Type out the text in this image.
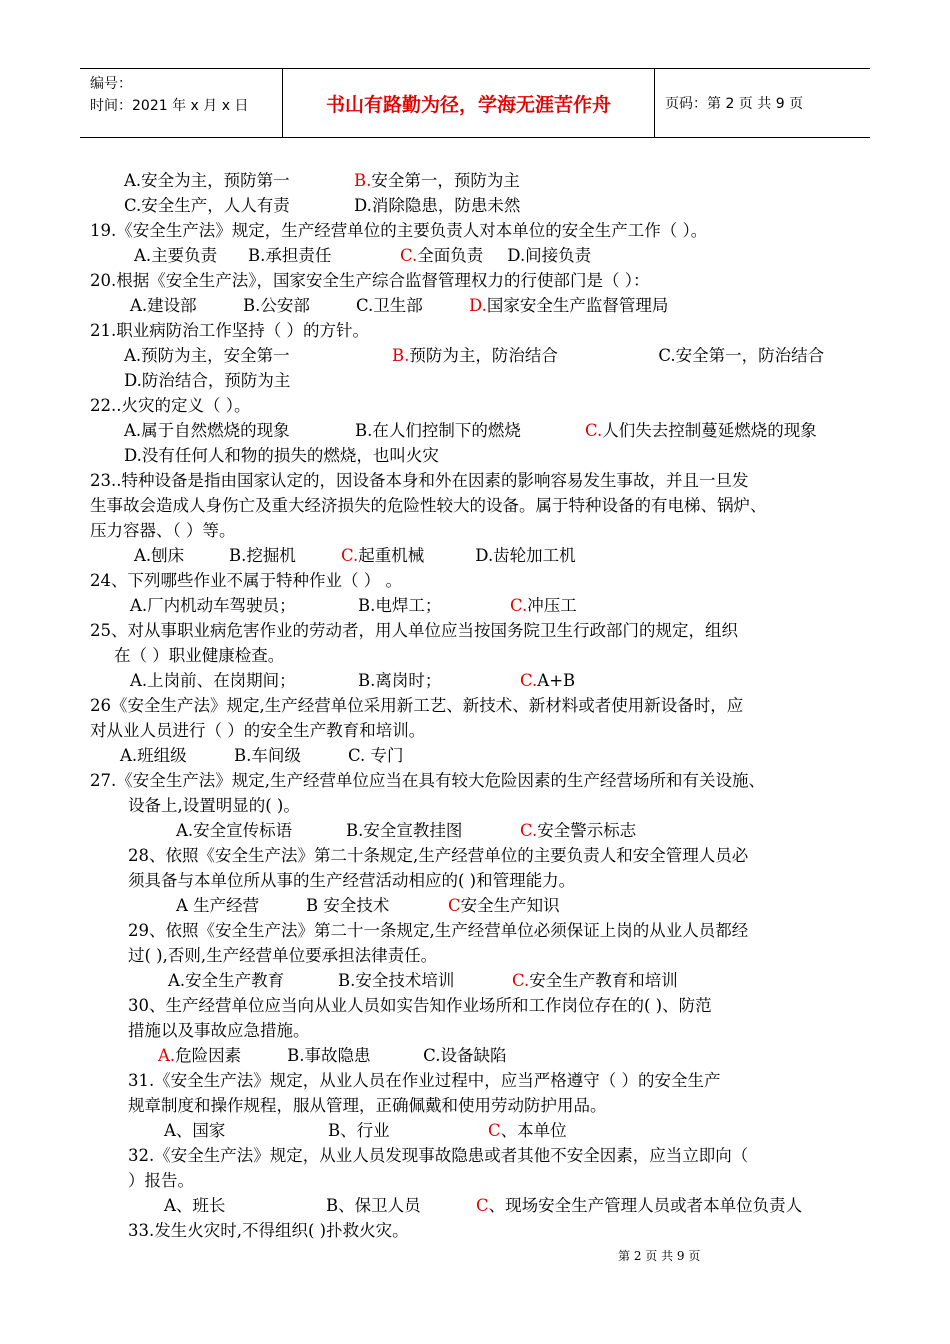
编号：
时间：2021 年 x 月 x 日	书山有路勤为径，学海无涯苦作舟	页码：第 2 页 共 9 页
A.安全为主，预防第一	B.安全第一，预防为主
C.安全生产，人人有责	D.消除隐患，防患未然
19.《安全生产法》规定，生产经营单位的主要负责人对本单位的安全生产工作（ ）。
A.主要负责 B.承担责任	C.全面负责 D.间接负责
20.根据《安全生产法》，国家安全生产综合监督管理权力的行使部门是（ ）：
A.建设部	B.公安部	C.卫生部	D.国家安全生产监督管理局
21.职业病防治工作坚持（ ）的方针。
A.预防为主，安全第一	B.预防为主，防治结合	C.安全第一，防治结合
D.防治结合，预防为主
22..火灾的定义（ ）。
A.属于自然燃烧的现象	B.在人们控制下的燃烧	C.人们失去控制蔓延燃烧的现象
D.没有任何人和物的损失的燃烧，也叫火灾
23..特种设备是指由国家认定的，因设备本身和外在因素的影响容易发生事故，并且一旦发
生事故会造成人身伤亡及重大经济损失的危险性较大的设备。属于特种设备的有电梯、锅炉、
压力容器、（ ）等。
A.刨床	B.挖掘机	C.起重机械	D.齿轮加工机
24、下列哪些作业不属于特种作业（ ） 。
A.厂内机动车驾驶员；	B.电焊工；	C.冲压工
25、对从事职业病危害作业的劳动者，用人单位应当按国务院卫生行政部门的规定，组织
在（ ）职业健康检查。
A.上岗前、在岗期间；	B.离岗时；	C.A+B
26《安全生产法》规定,生产经营单位采用新工艺、新技术、新材料或者使用新设备时，应
对从业人员进行（ ）的安全生产教育和培训。
A.班组级	B.车间级	C. 专门
27.《安全生产法》规定,生产经营单位应当在具有较大危险因素的生产经营场所和有关设施、
设备上,设置明显的( )。
A.安全宣传标语	B.安全宣教挂图	C.安全警示标志
28、依照《安全生产法》第二十条规定,生产经营单位的主要负责人和安全管理人员必
须具备与本单位所从事的生产经营活动相应的( )和管理能力。
A 生产经营	B 安全技术	C安全生产知识
29、依照《安全生产法》第二十一条规定,生产经营单位必须保证上岗的从业人员都经
过( ),否则,生产经营单位要承担法律责任。
A.安全生产教育	B.安全技术培训	C.安全生产教育和培训
30、生产经营单位应当向从业人员如实告知作业场所和工作岗位存在的( )、防范
措施以及事故应急措施。
A.危险因素	B.事故隐患	C.设备缺陷
31.《安全生产法》规定，从业人员在作业过程中，应当严格遵守（ ）的安全生产
规章制度和操作规程，服从管理，正确佩戴和使用劳动防护用品。
A、国家	B、行业	C、本单位
32.《安全生产法》规定，从业人员发现事故隐患或者其他不安全因素，应当立即向（
）报告。
A、班长	B、保卫人员	C、现场安全生产管理人员或者本单位负责人
33.发生火灾时,不得组织( )扑救火灾。
第 2 页 共 9 页
